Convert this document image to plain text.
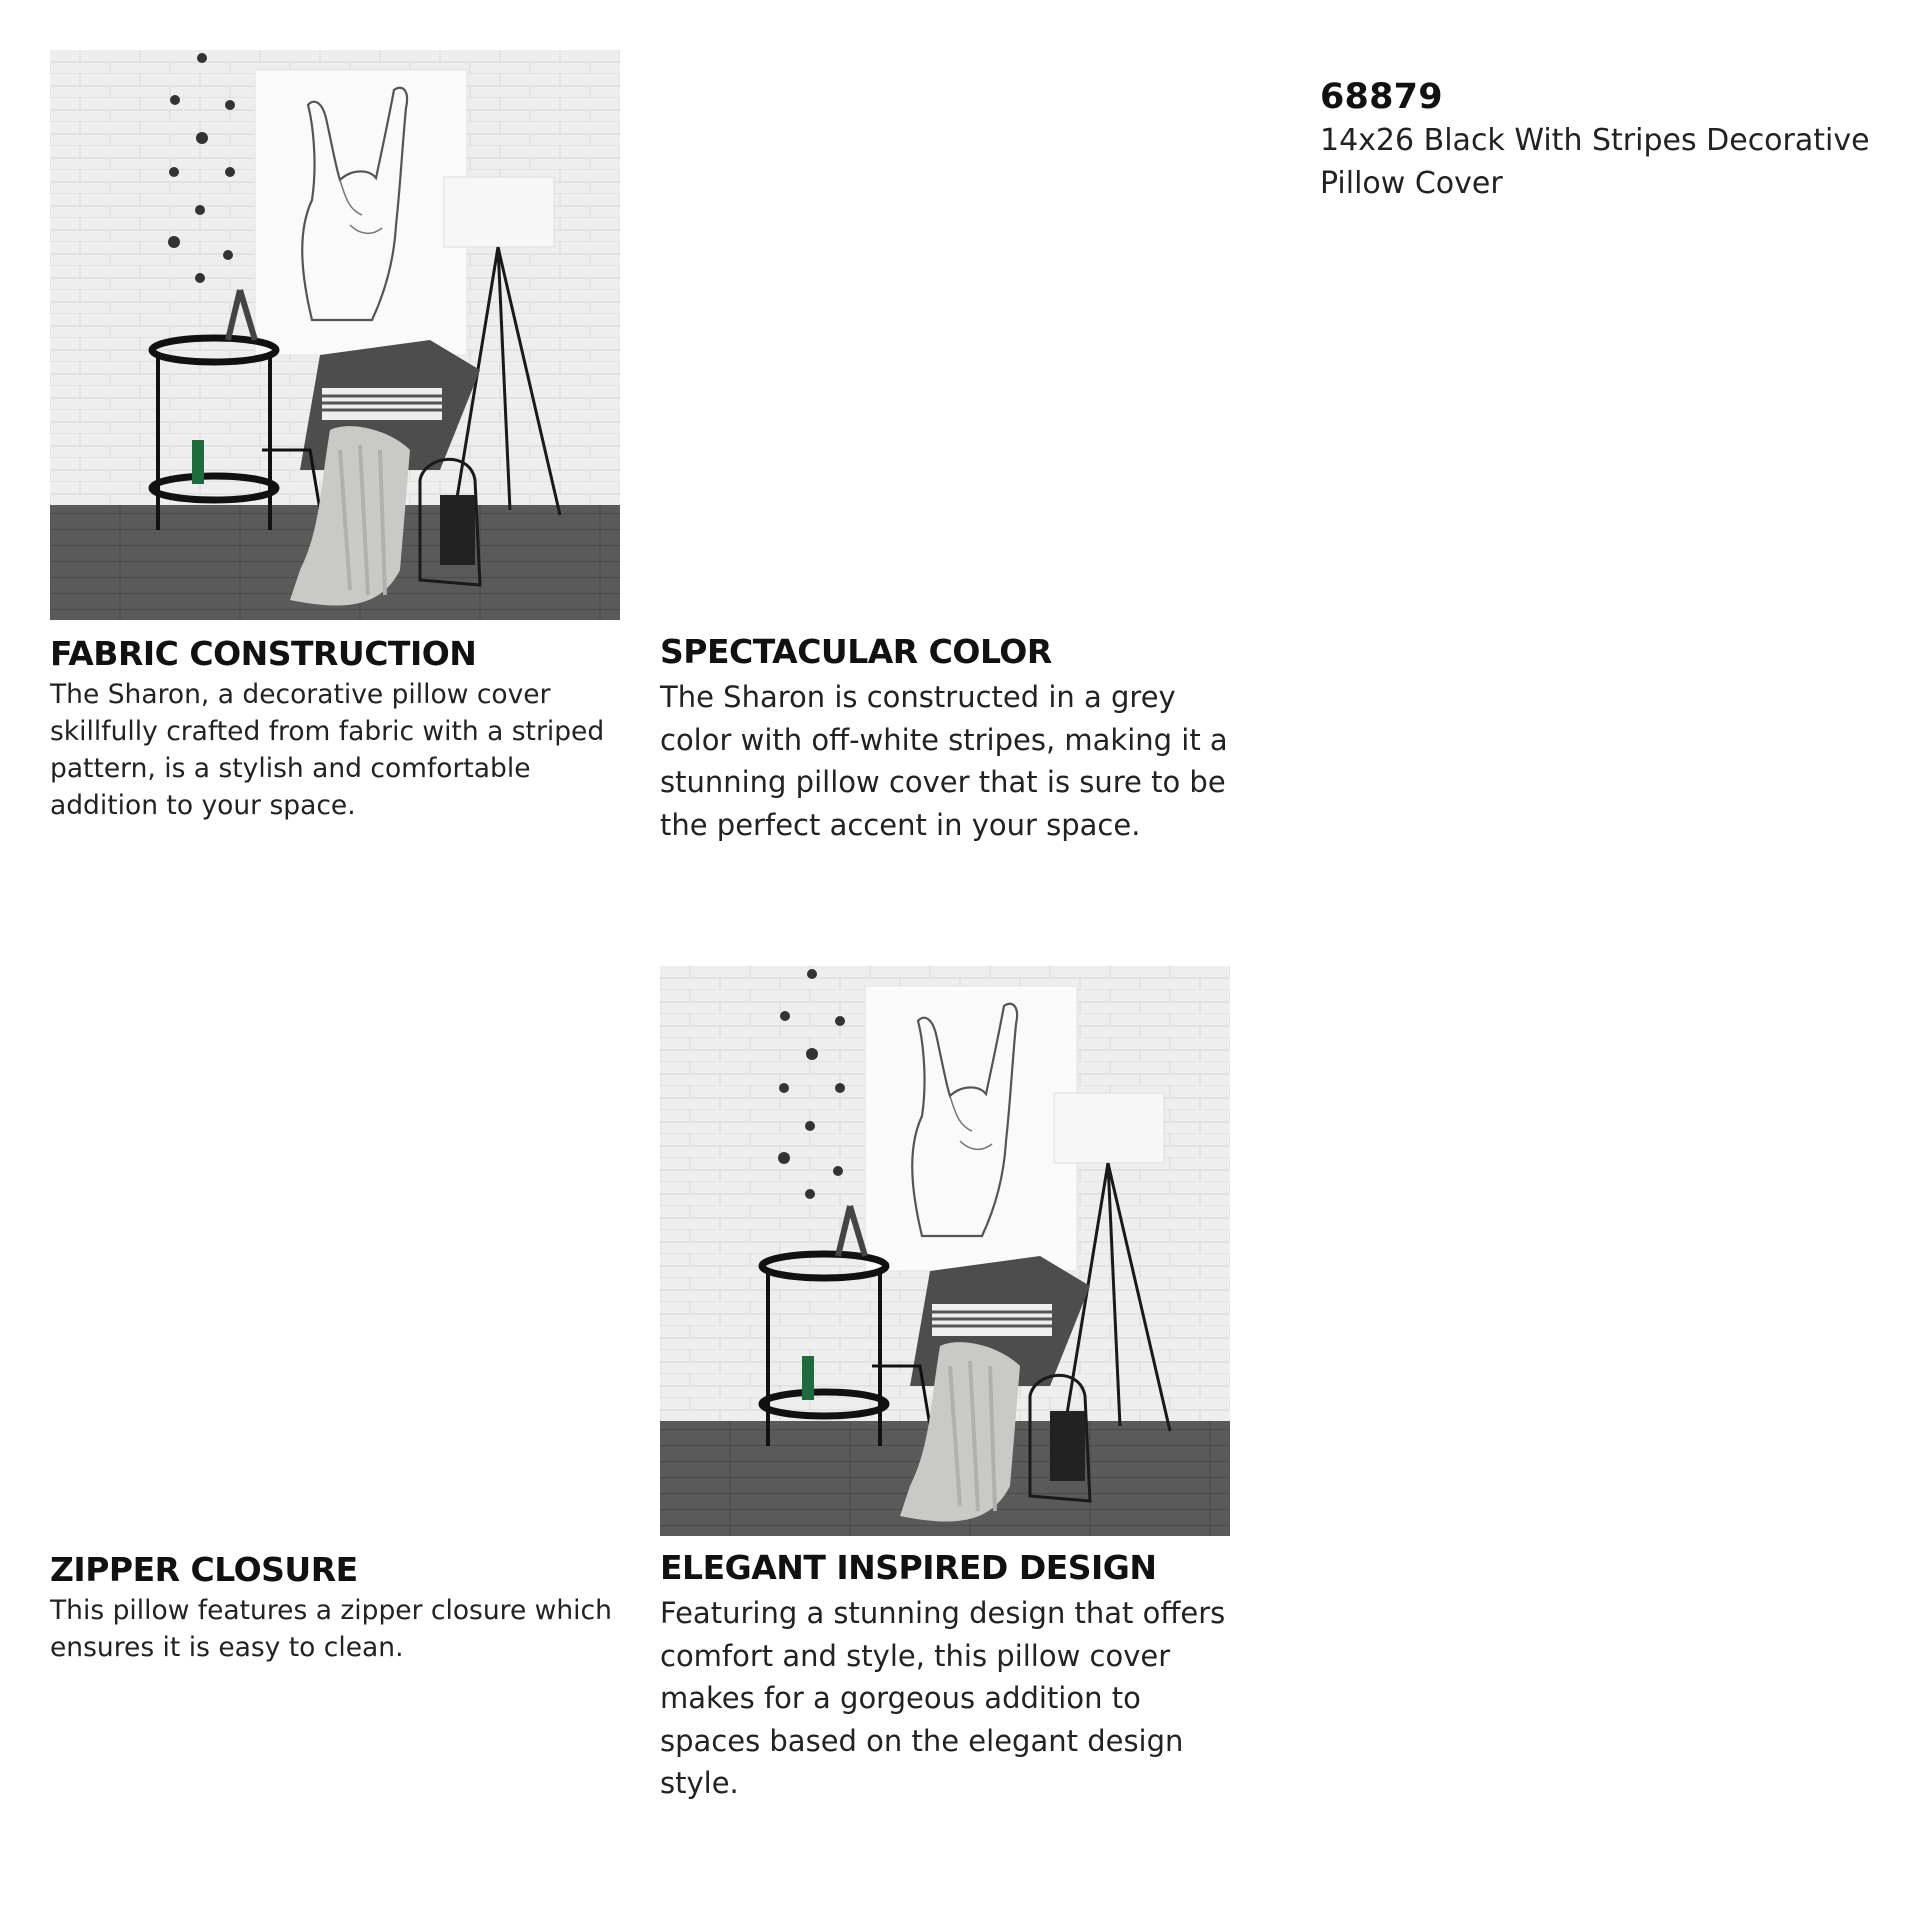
68879
14x26 Black With Stripes Decorative Pillow Cover
FABRIC CONSTRUCTION
The Sharon, a decorative pillow cover skillfully crafted from fabric with a striped pattern, is a stylish and comfortable addition to your space.
SPECTACULAR COLOR
The Sharon is constructed in a grey color with off-white stripes, making it a stunning pillow cover that is sure to be the perfect accent in your space.
ZIPPER CLOSURE
This pillow features a zipper closure which ensures it is easy to clean.
ELEGANT INSPIRED DESIGN
Featuring a stunning design that offers comfort and style, this pillow cover makes for a gorgeous addition to spaces based on the elegant design style.
